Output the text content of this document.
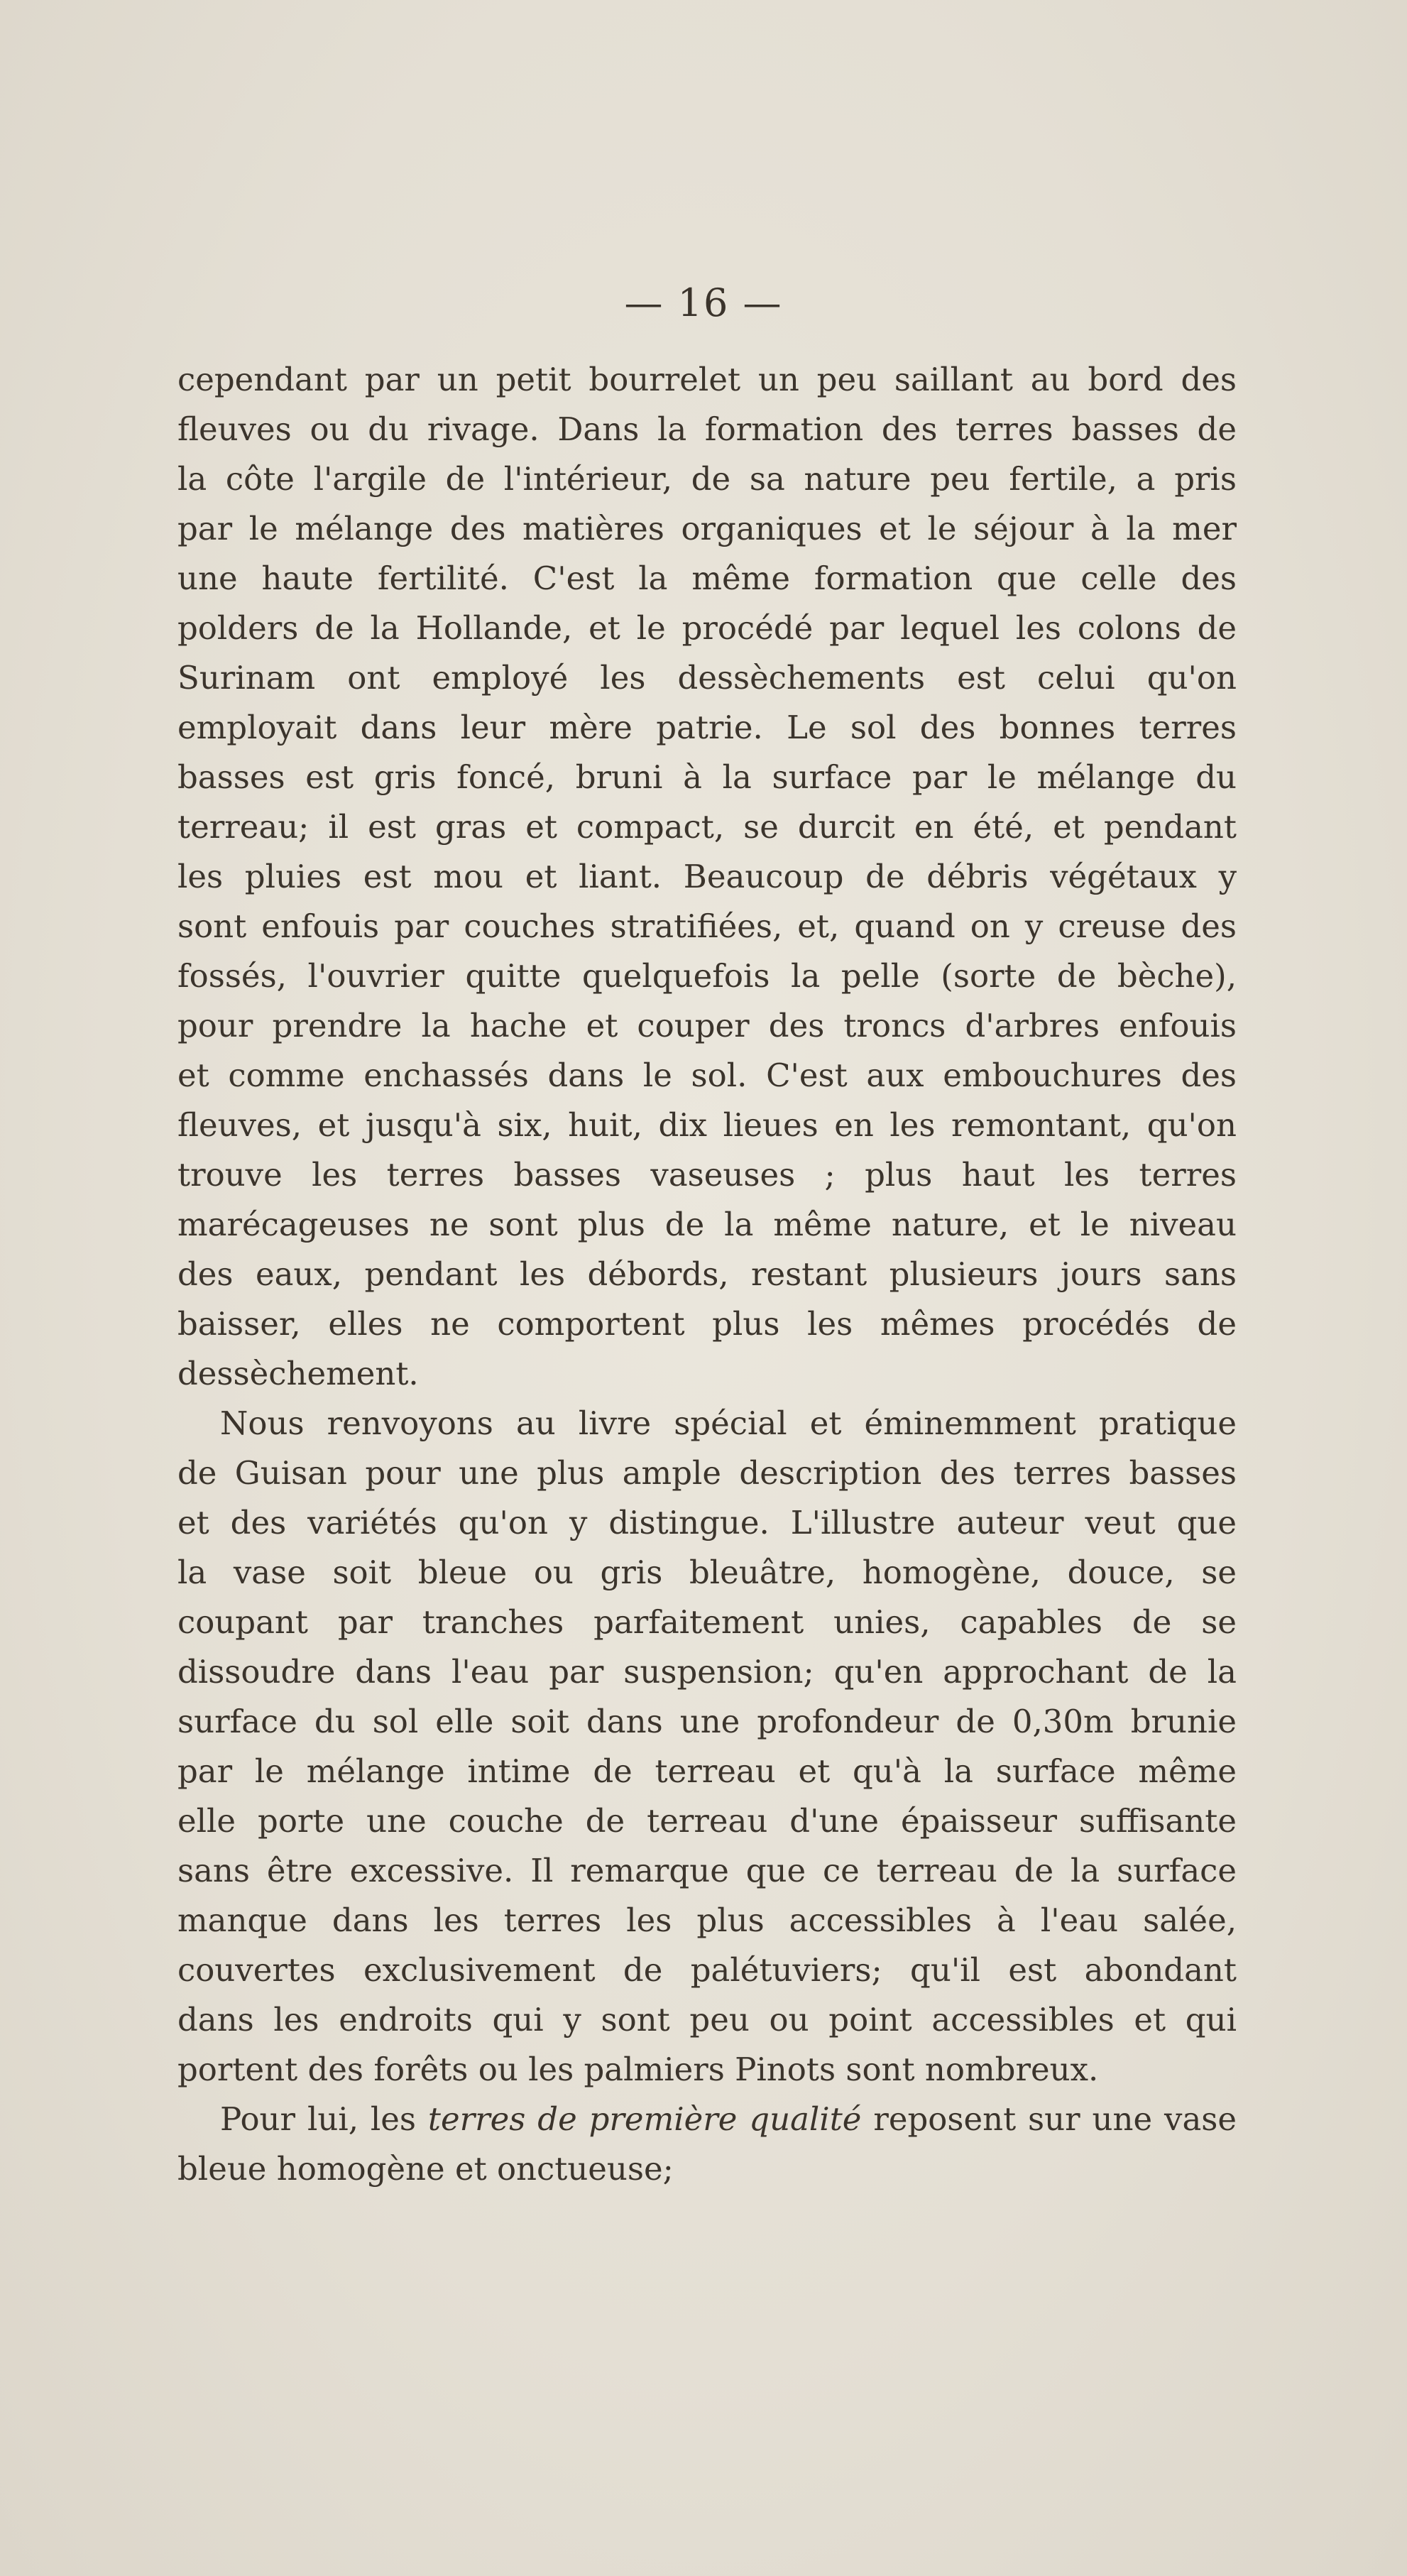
— 16 —
cependant par un petit bourrelet un peu saillant au bord des
fleuves ou du rivage. Dans la formation des terres basses de
la côte l'argile de l'intérieur, de sa nature peu fertile, a pris
par le mélange des matières organiques et le séjour à la mer
une haute fertilité. C'est la même formation que celle des
polders de la Hollande, et le procédé par lequel les colons de
Surinam ont employé les dessèchements est celui qu'on
employait dans leur mère patrie. Le sol des bonnes terres
basses est gris foncé, bruni à la surface par le mélange du
terreau; il est gras et compact, se durcit en été, et pendant
les pluies est mou et liant. Beaucoup de débris végétaux y
sont enfouis par couches stratifiées, et, quand on y creuse des
fossés, l'ouvrier quitte quelquefois la pelle (sorte de bèche),
pour prendre la hache et couper des troncs d'arbres enfouis
et comme enchassés dans le sol. C'est aux embouchures des
fleuves, et jusqu'à six, huit, dix lieues en les remontant, qu'on
trouve les terres basses vaseuses ; plus haut les terres
marécageuses ne sont plus de la même nature, et le niveau
des eaux, pendant les débords, restant plusieurs jours sans
baisser, elles ne comportent plus les mêmes procédés de
dessèchement.
Nous renvoyons au livre spécial et éminemment pratique
de Guisan pour une plus ample description des terres basses
et des variétés qu'on y distingue. L'illustre auteur veut que
la vase soit bleue ou gris bleuâtre, homogène, douce, se
coupant par tranches parfaitement unies, capables de se
dissoudre dans l'eau par suspension; qu'en approchant de la
surface du sol elle soit dans une profondeur de 0,30m brunie
par le mélange intime de terreau et qu'à la surface même
elle porte une couche de terreau d'une épaisseur suffisante
sans être excessive. Il remarque que ce terreau de la surface
manque dans les terres les plus accessibles à l'eau salée,
couvertes exclusivement de palétuviers; qu'il est abondant
dans les endroits qui y sont peu ou point accessibles et qui
portent des forêts ou les palmiers Pinots sont nombreux.
Pour lui, les terres de première qualité reposent sur une vase
bleue homogène et onctueuse;
